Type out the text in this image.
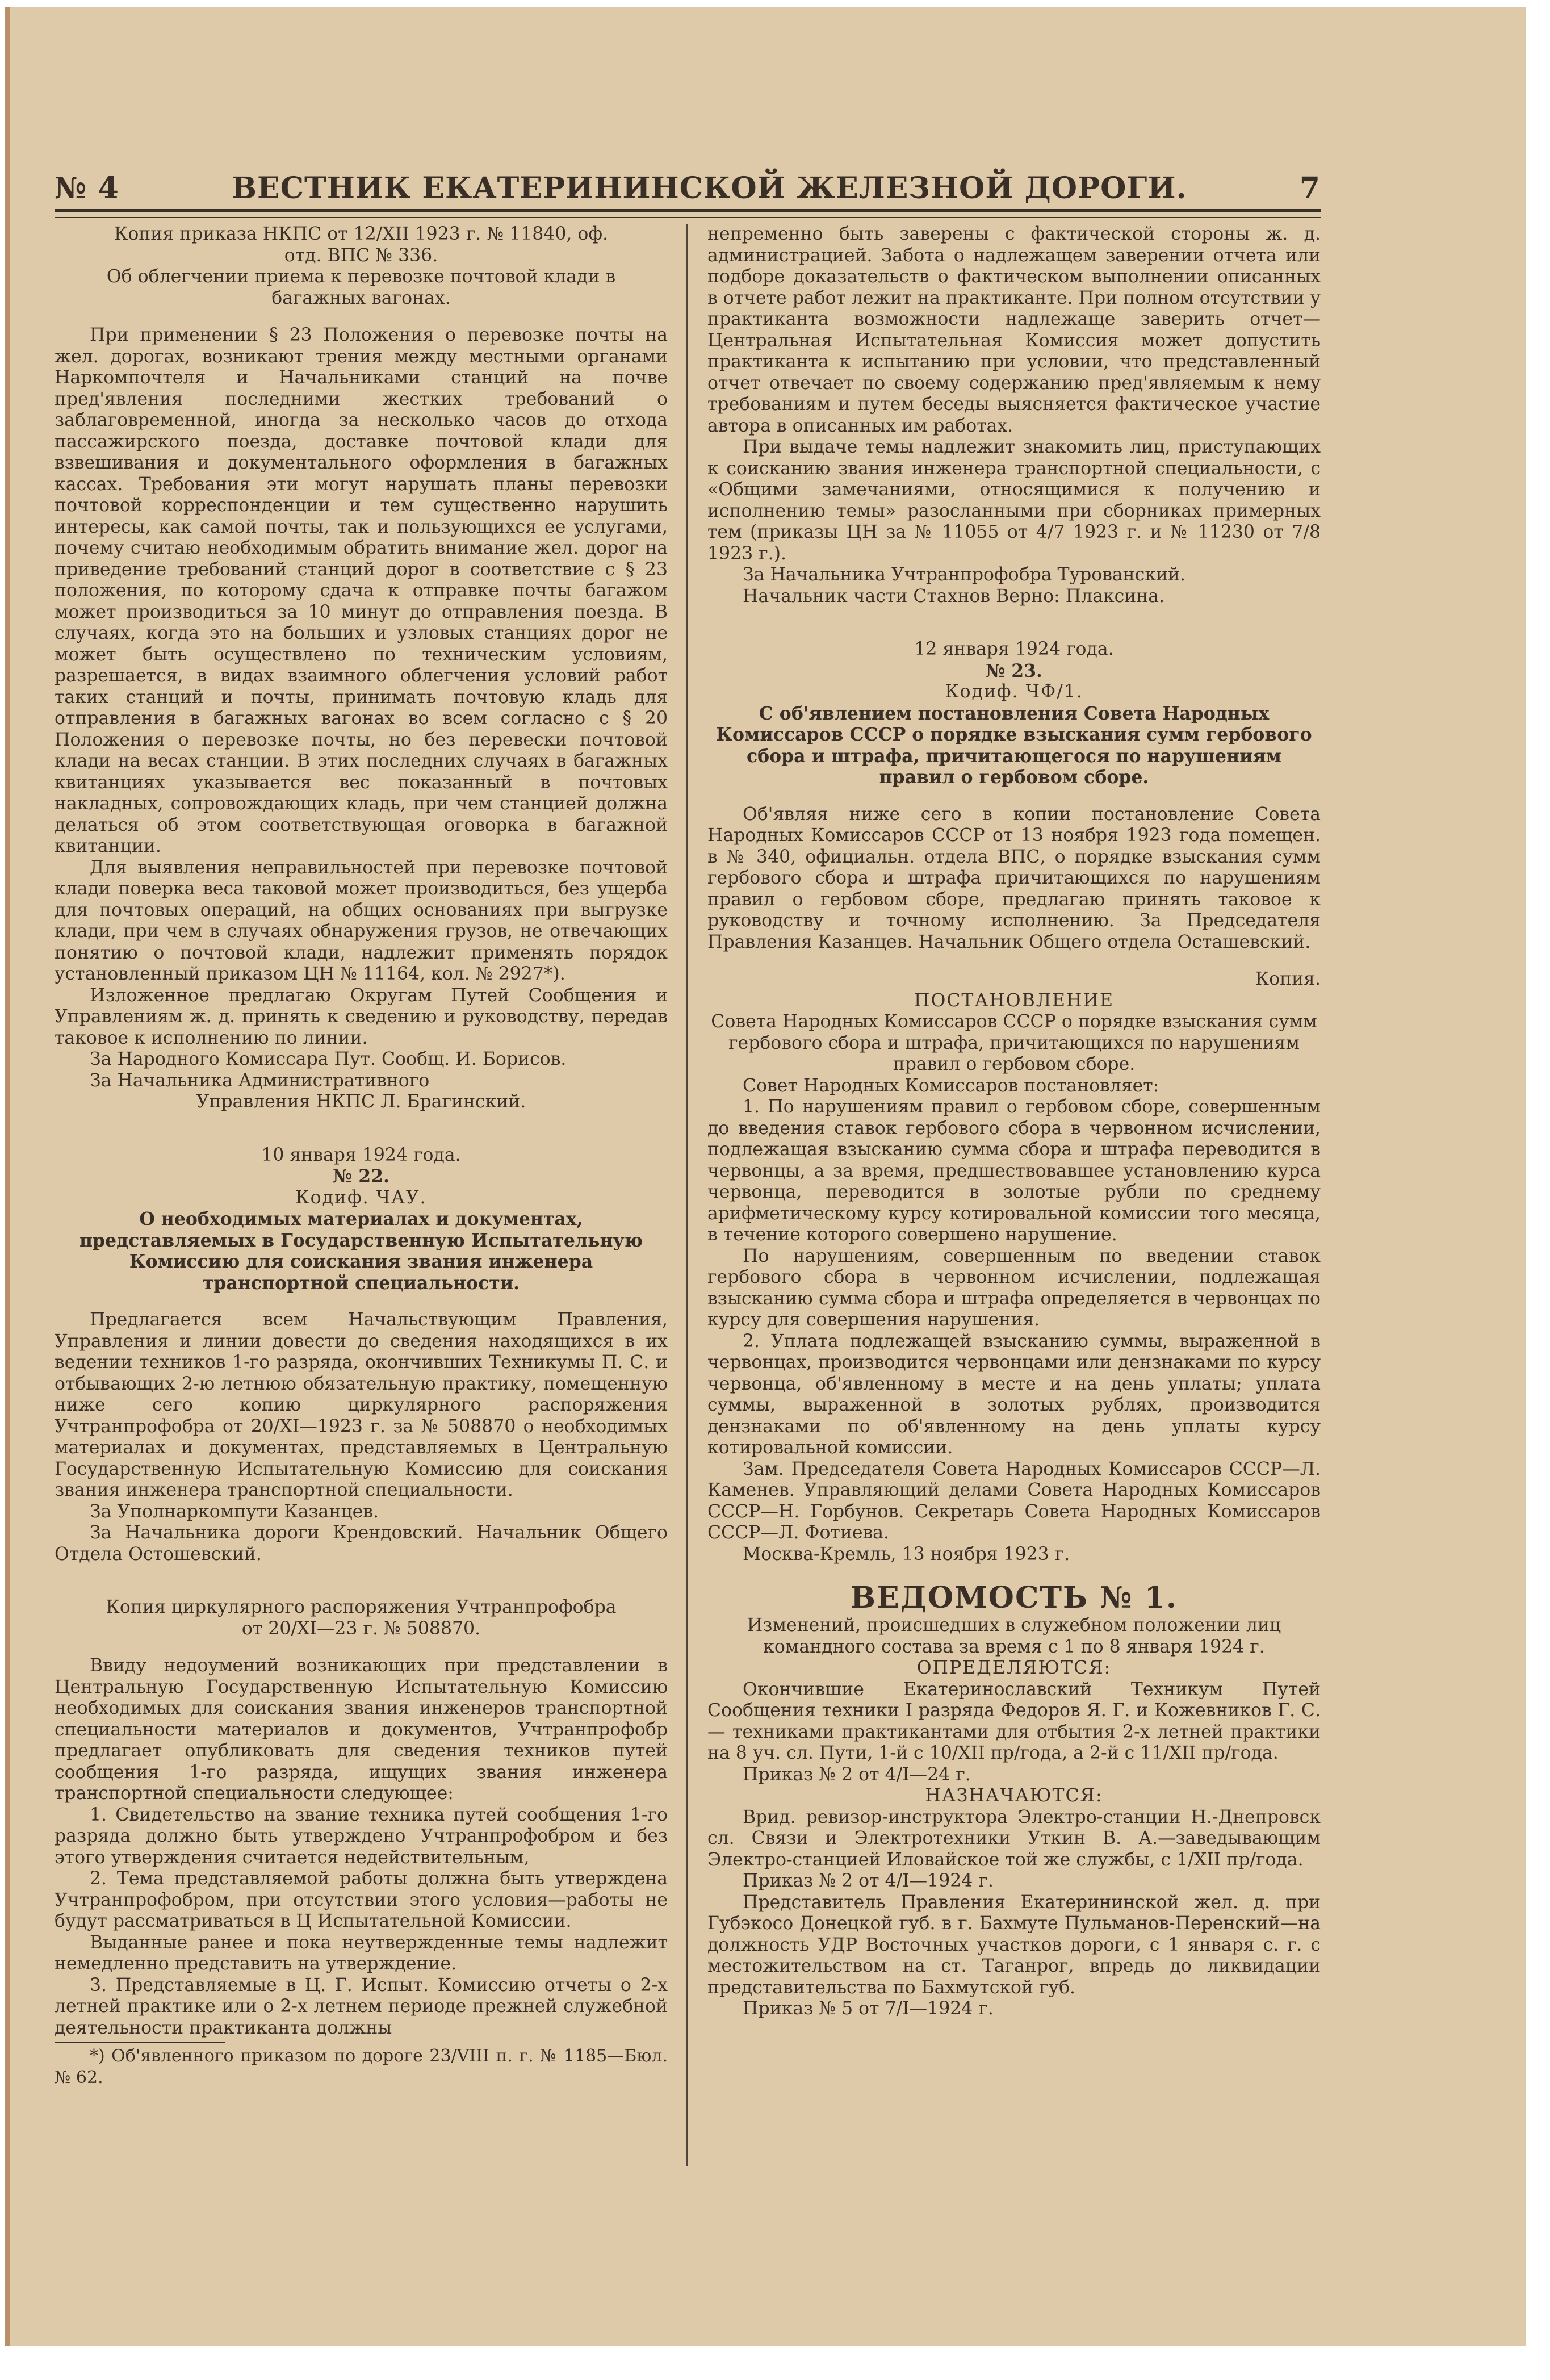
№ 4	ВЕСТНИК ЕКАТЕРИНИНСКОЙ ЖЕЛЕЗНОЙ ДОРОГИ.	7

Копия приказа НКПС от 12/XII 1923 г. № 11840, оф.

отд. ВПС № 336.

Об облегчении приема к перевозке почтовой клади в

багажных вагонах.

При применении § 23 Положения о перевозке почты на жел. дорогах, возникают трения между местными органами Наркомпочтеля и Начальниками станций на почве пред'явления последними жестких требований о заблаговременной, иногда за несколько часов до отхода пассажирского поезда, доставке почтовой клади для взвешивания и документального оформления в багажных кассах. Требования эти могут нарушать планы перевозки почтовой корреспонденции и тем существенно нарушить интересы, как самой почты, так и пользующихся ее услугами, почему считаю необходимым обратить внимание жел. дорог на приведение требований станций дорог в соответствие с § 23 положения, по которому сдача к отправке почты багажом может производиться за 10 минут до отправления поезда. В случаях, когда это на больших и узловых станциях дорог не может быть осуществлено по техническим условиям, разрешается, в видах взаимного облегчения условий работ таких станций и почты, принимать почтовую кладь для отправления в багажных вагонах во всем согласно с § 20 Положения о перевозке почты, но без перевески почтовой клади на весах станции. В этих последних случаях в багажных квитанциях указывается вес показанный в почтовых накладных, сопровождающих кладь, при чем станцией должна делаться об этом соответствующая оговорка в багажной квитанции.

Для выявления неправильностей при перевозке почтовой клади поверка веса таковой может производиться, без ущерба для почтовых операций, на общих основаниях при выгрузке клади, при чем в случаях обнаружения грузов, не отвечающих понятию о почтовой клади, надлежит применять порядок установленный приказом ЦН № 11164, кол. № 2927*).

Изложенное предлагаю Округам Путей Сообщения и Управлениям ж. д. принять к сведению и руководству, передав таковое к исполнению по линии.

За Народного Комиссара Пут. Сообщ. И. Борисов.

За Начальника Административного

Управления НКПС Л. Брагинский.

10 января 1924 года.

№ 22.

Кодиф. ЧАУ.

О необходимых материалах и документах, представляемых в Государственную Испытательную Комиссию для соискания звания инженера транспортной специальности.

Предлагается всем Начальствующим Правления, Управления и линии довести до сведения находящихся в их ведении техников 1-го разряда, окончивших Техникумы П. С. и отбывающих 2-ю летнюю обязательную практику, помещенную ниже сего копию циркулярного распоряжения Учтранпрофобра от 20/XI—1923 г. за № 508870 о необходимых материалах и документах, представляемых в Центральную Государственную Испытательную Комиссию для соискания звания инженера транспортной специальности.

За Уполнаркомпути Казанцев.

За Начальника дороги Крендовский. Начальник Общего Отдела Остошевский.

Копия циркулярного распоряжения Учтранпрофобра

от 20/XI—23 г. № 508870.

Ввиду недоумений возникающих при представлении в Центральную Государственную Испытательную Комиссию необходимых для соискания звания инженеров транспортной специальности материалов и документов, Учтранпрофобр предлагает опубликовать для сведения техников путей сообщения 1-го разряда, ищущих звания инженера транспортной специальности следующее:

1. Свидетельство на звание техника путей сообщения 1-го разряда должно быть утверждено Учтранпрофобром и без этого утверждения считается недействительным,

2. Тема представляемой работы должна быть утверждена Учтранпрофобром, при отсутствии этого условия—работы не будут рассматриваться в Ц Испытательной Комиссии.

Выданные ранее и пока неутвержденные темы надлежит немедленно представить на утверждение.

3. Представляемые в Ц. Г. Испыт. Комиссию отчеты о 2-х летней практике или о 2-х летнем периоде прежней служебной деятельности практиканта должны

*) Об'явленного приказом по дороге 23/VIII п. г. № 1185—Бюл. № 62.

непременно быть заверены с фактической стороны ж. д. администрацией. Забота о надлежащем заверении отчета или подборе доказательств о фактическом выполнении описанных в отчете работ лежит на практиканте. При полном отсутствии у практиканта возможности надлежаще заверить отчет—Центральная Испытательная Комиссия может допустить практиканта к испытанию при условии, что представленный отчет отвечает по своему содержанию пред'являемым к нему требованиям и путем беседы выясняется фактическое участие автора в описанных им работах.

При выдаче темы надлежит знакомить лиц, приступающих к соисканию звания инженера транспортной специальности, с «Общими замечаниями, относящимися к получению и исполнению темы» разосланными при сборниках примерных тем (приказы ЦН за № 11055 от 4/7 1923 г. и № 11230 от 7/8 1923 г.).

За Начальника Учтранпрофобра Турованский.

Начальник части Стахнов Верно: Плаксина.

12 января 1924 года.

№ 23.

Кодиф. ЧФ/1.

С об'явлением постановления Совета Народных Комиссаров СССР о порядке взыскания сумм гербового сбора и штрафа, причитающегося по нарушениям правил о гербовом сборе.

Об'являя ниже сего в копии постановление Совета Народных Комиссаров СССР от 13 ноября 1923 года помещен. в № 340, официальн. отдела ВПС, о порядке взыскания сумм гербового сбора и штрафа причитающихся по нарушениям правил о гербовом сборе, предлагаю принять таковое к руководству и точному исполнению. За Председателя Правления Казанцев. Начальник Общего отдела Осташевский.

Копия.

ПОСТАНОВЛЕНИЕ

Совета Народных Комиссаров СССР о порядке взыскания сумм гербового сбора и штрафа, причитающихся по нарушениям правил о гербовом сборе.

Совет Народных Комиссаров постановляет:

1. По нарушениям правил о гербовом сборе, совершенным до введения ставок гербового сбора в червонном исчислении, подлежащая взысканию сумма сбора и штрафа переводится в червонцы, а за время, предшествовавшее установлению курса червонца, переводится в золотые рубли по среднему арифметическому курсу котировальной комиссии того месяца, в течение которого совершено нарушение.

По нарушениям, совершенным по введении ставок гербового сбора в червонном исчислении, подлежащая взысканию сумма сбора и штрафа определяется в червонцах по курсу для совершения нарушения.

2. Уплата подлежащей взысканию суммы, выраженной в червонцах, производится червонцами или дензнаками по курсу червонца, об'явленному в месте и на день уплаты; уплата суммы, выраженной в золотых рублях, производится дензнаками по об'явленному на день уплаты курсу котировальной комиссии.

Зам. Председателя Совета Народных Комиссаров СССР—Л. Каменев. Управляющий делами Совета Народных Комиссаров СССР—Н. Горбунов. Секретарь Совета Народных Комиссаров СССР—Л. Фотиева.

Москва-Кремль, 13 ноября 1923 г.

ВЕДОМОСТЬ № 1.

Изменений, происшедших в служебном положении лиц командного состава за время с 1 по 8 января 1924 г.

ОПРЕДЕЛЯЮТСЯ:

Окончившие Екатеринославский Техникум Путей Сообщения техники I разряда Федоров Я. Г. и Кожевников Г. С.— техниками практикантами для отбытия 2-х летней практики на 8 уч. сл. Пути, 1-й с 10/XII пр/года, а 2-й с 11/XII пр/года.

Приказ № 2 от 4/I—24 г.

НАЗНАЧАЮТСЯ:

Врид. ревизор-инструктора Электро-станции Н.-Днепровск сл. Связи и Электротехники Уткин В. А.—заведывающим Электро-станцией Иловайское той же службы, с 1/XII пр/года.

Приказ № 2 от 4/I—1924 г.

Представитель Правления Екатерининской жел. д. при Губэкосо Донецкой губ. в г. Бахмуте Пульманов-Перенский—на должность УДР Восточных участков дороги, с 1 января с. г. с местожительством на ст. Таганрог, впредь до ликвидации представительства по Бахмутской губ.

Приказ № 5 от 7/I—1924 г.
